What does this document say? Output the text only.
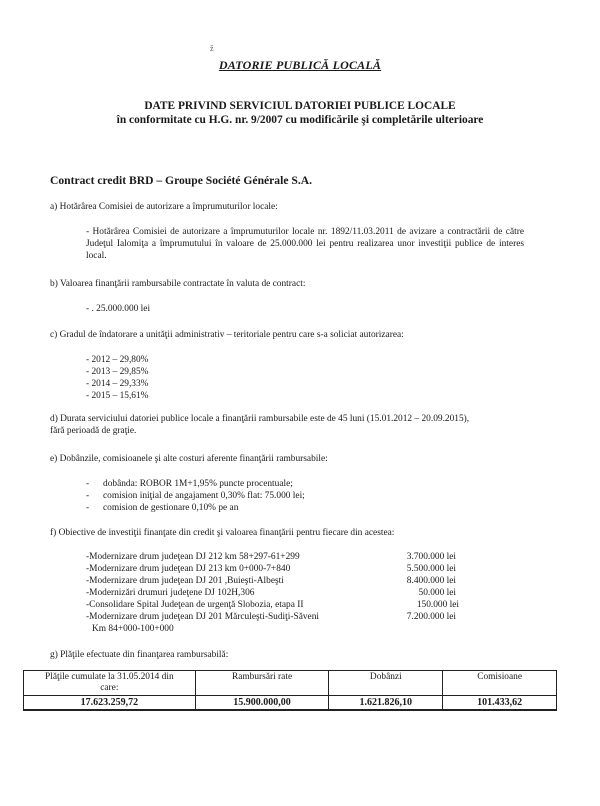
ž
DATORIE PUBLICĂ LOCALĂ
DATE PRIVIND SERVICIUL DATORIEI PUBLICE LOCALE
în conformitate cu H.G. nr. 9/2007 cu modificările şi completările ulterioare
Contract credit BRD – Groupe Société Générale S.A.
a) Hotărârea Comisiei de autorizare a împrumuturilor locale:
- Hotărârea Comisiei de autorizare a împrumuturilor locale nr. 1892/11.03.2011 de avizare a contractării de către Judeţul Ialomiţa a împrumutului în valoare de 25.000.000 lei pentru realizarea unor investiţii publice de interes local.
b) Valoarea finanţării rambursabile contractate în valuta de contract:
- . 25.000.000 lei
c) Gradul de îndatorare a unităţii administrativ – teritoriale pentru care s-a soliciat autorizarea:
- 2012 – 29,80%
- 2013 – 29,85%
- 2014 – 29,33%
- 2015 – 15,61%
d) Durata serviciului datoriei publice locale a finanţării rambursabile este de 45 luni (15.01.2012 – 20.09.2015),
fără perioadă de graţie.
e) Dobânzile, comisioanele şi alte costuri aferente finanţării rambursabile:
- dobânda: ROBOR 1M+1,95% puncte procentuale;
- comision iniţial de angajament 0,30% flat: 75.000 lei;
- comision de gestionare 0,10% pe an
f) Obiective de investiţii finanţate din credit şi valoarea finanţării pentru fiecare din acestea:
-Modernizare drum judeţean DJ 212 km 58+297-61+299	3.700.000 lei
-Modernizare drum judeţean DJ 213 km 0+000-7+840	5.500.000 lei
-Modernizare drum judeţean DJ 201 ,Buieşti-Albeşti	8.400.000 lei
-Modernizări drumuri judeţene DJ 102H,306	50.000 lei
-Consolidare Spital Judeţean de urgenţă Slobozia, etapa II	150.000 lei
-Modernizare drum judeţean DJ 201 Mărculeşti-Sudiţi-Săveni	7.200.000 lei
Km 84+000-100+000
g) Plăţile efectuate din finanţarea rambursabilă:
Plăţile cumulate la 31.05.2014 din care:	Rambursări rate	Dobânzi	Comisioane
17.623.259,72	15.900.000,00	1.621.826,10	101.433,62
